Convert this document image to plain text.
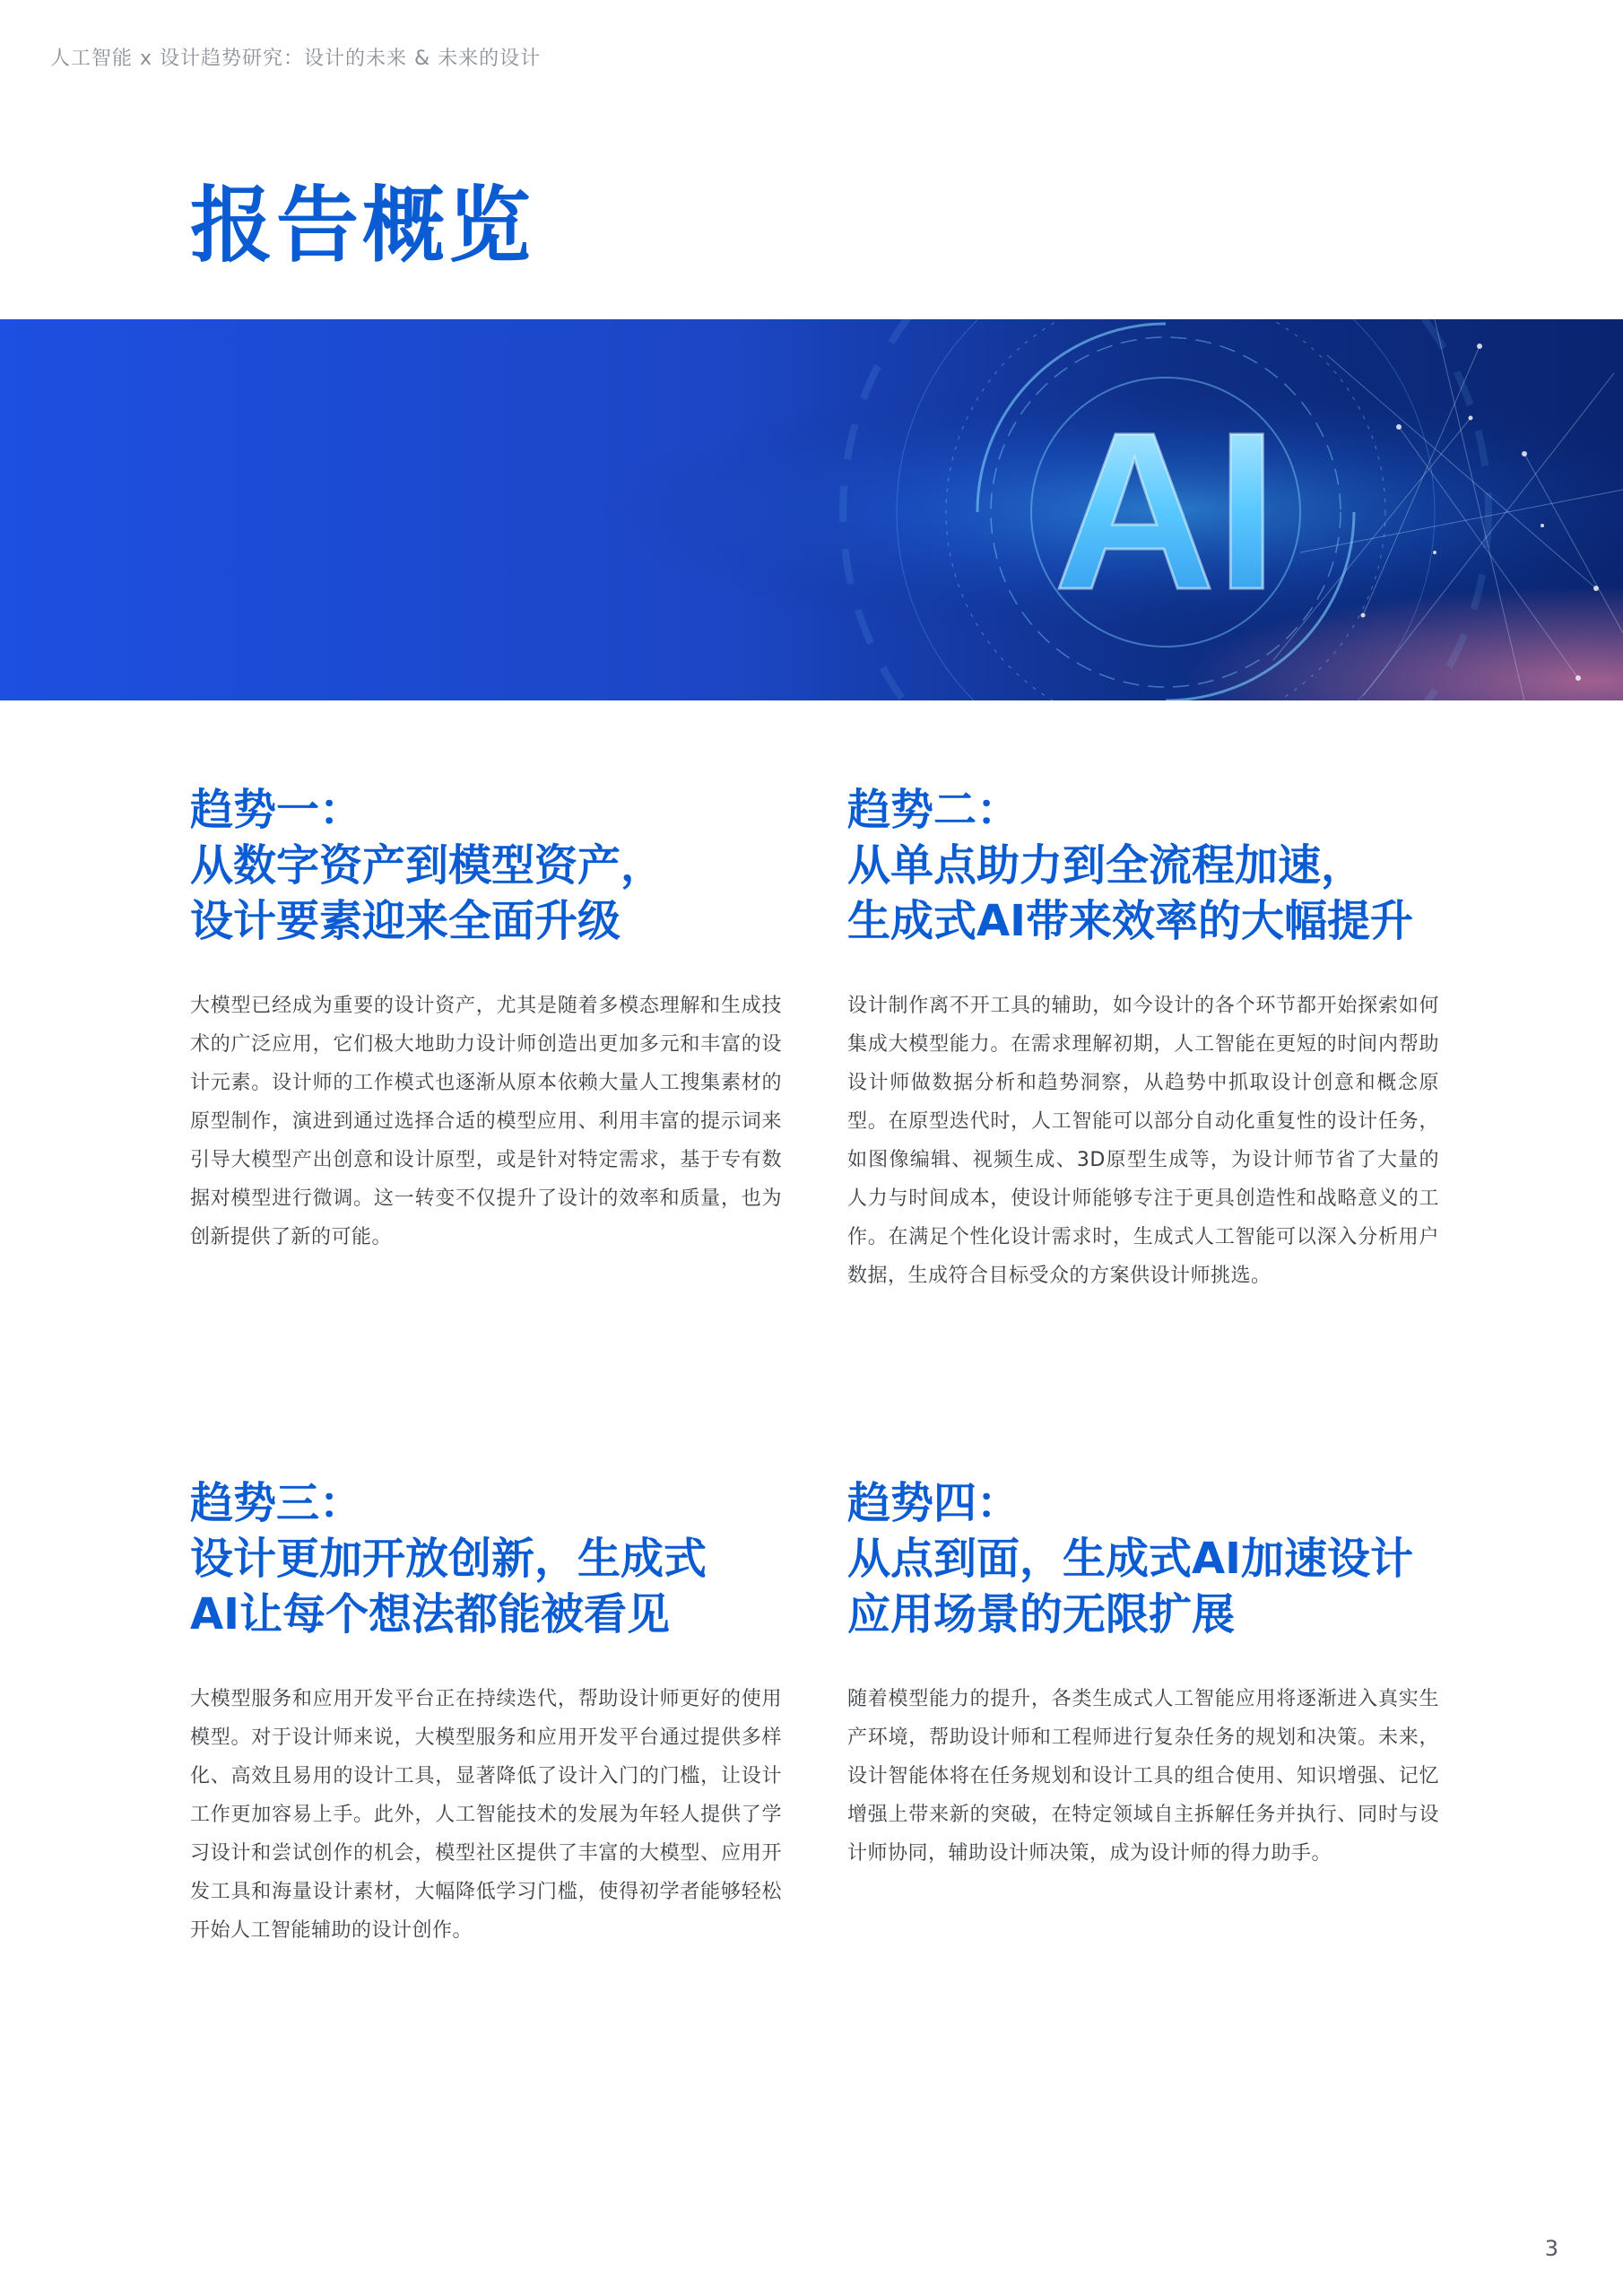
人工智能 x 设计趋势研究：设计的未来 & 未来的设计
报告概览
AI
趋势一：
从数字资产到模型资产，
设计要素迎来全面升级

大模型已经成为重要的设计资产，尤其是随着多模态理解和生成技术的广泛应用，它们极大地助力设计师创造出更加多元和丰富的设计元素。设计师的工作模式也逐渐从原本依赖大量人工搜集素材的原型制作，演进到通过选择合适的模型应用、利用丰富的提示词来引导大模型产出创意和设计原型，或是针对特定需求，基于专有数据对模型进行微调。这一转变不仅提升了设计的效率和质量，也为创新提供了新的可能。

趋势二：
从单点助力到全流程加速，
生成式AI带来效率的大幅提升

设计制作离不开工具的辅助，如今设计的各个环节都开始探索如何集成大模型能力。在需求理解初期，人工智能在更短的时间内帮助设计师做数据分析和趋势洞察，从趋势中抓取设计创意和概念原型。在原型迭代时，人工智能可以部分自动化重复性的设计任务，如图像编辑、视频生成、3D原型生成等，为设计师节省了大量的人力与时间成本，使设计师能够专注于更具创造性和战略意义的工作。在满足个性化设计需求时，生成式人工智能可以深入分析用户数据，生成符合目标受众的方案供设计师挑选。

趋势三：
设计更加开放创新，生成式
AI让每个想法都能被看见

大模型服务和应用开发平台正在持续迭代，帮助设计师更好的使用模型。对于设计师来说，大模型服务和应用开发平台通过提供多样化、高效且易用的设计工具，显著降低了设计入门的门槛，让设计工作更加容易上手。此外，人工智能技术的发展为年轻人提供了学习设计和尝试创作的机会，模型社区提供了丰富的大模型、应用开发工具和海量设计素材，大幅降低学习门槛，使得初学者能够轻松开始人工智能辅助的设计创作。

趋势四：
从点到面，生成式AI加速设计
应用场景的无限扩展

随着模型能力的提升，各类生成式人工智能应用将逐渐进入真实生产环境，帮助设计师和工程师进行复杂任务的规划和决策。未来，设计智能体将在任务规划和设计工具的组合使用、知识增强、记忆增强上带来新的突破，在特定领域自主拆解任务并执行、同时与设计师协同，辅助设计师决策，成为设计师的得力助手。

3
